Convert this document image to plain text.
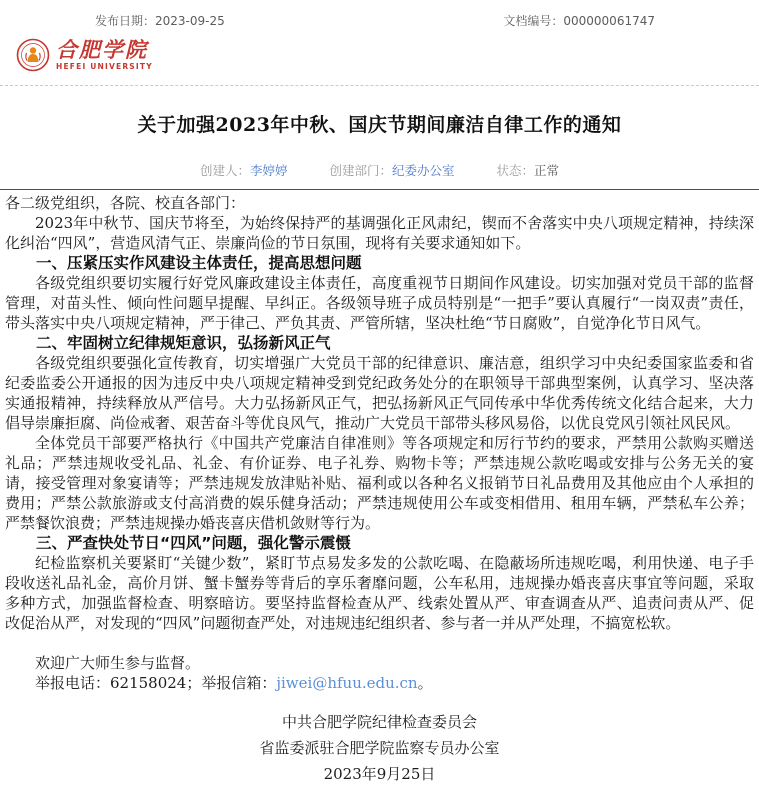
发布日期：2023-09-25	文档编号：000000061747
合肥学院
HEFEI UNIVERSITY
关于加强2023年中秋、国庆节期间廉洁自律工作的通知
创建人：李婷婷	创建部门：纪委办公室	状态：正常

各二级党组织，各院、校直各部门：

2023年中秋节、国庆节将至，为始终保持严的基调强化正风肃纪，锲而不舍落实中央八项规定精神，持续深化纠治“四风”，营造风清气正、崇廉尚俭的节日氛围，现将有关要求通知如下。

一、压紧压实作风建设主体责任，提高思想问题

各级党组织要切实履行好党风廉政建设主体责任，高度重视节日期间作风建设。切实加强对党员干部的监督管理，对苗头性、倾向性问题早提醒、早纠正。各级领导班子成员特别是“一把手”要认真履行“一岗双责”责任，带头落实中央八项规定精神，严于律己、严负其责、严管所辖，坚决杜绝“节日腐败”，自觉净化节日风气。

二、牢固树立纪律规矩意识，弘扬新风正气

各级党组织要强化宣传教育，切实增强广大党员干部的纪律意识、廉洁意，组织学习中央纪委国家监委和省纪委监委公开通报的因为违反中央八项规定精神受到党纪政务处分的在职领导干部典型案例，认真学习、坚决落实通报精神，持续释放从严信号。大力弘扬新风正气，把弘扬新风正气同传承中华优秀传统文化结合起来，大力倡导崇廉拒腐、尚俭戒奢、艰苦奋斗等优良风气，推动广大党员干部带头移风易俗，以优良党风引领社风民风。

全体党员干部要严格执行《中国共产党廉洁自律准则》等各项规定和厉行节约的要求，严禁用公款购买赠送礼品；严禁违规收受礼品、礼金、有价证券、电子礼券、购物卡等；严禁违规公款吃喝或安排与公务无关的宴请，接受管理对象宴请等；严禁违规发放津贴补贴、福利或以各种名义报销节日礼品费用及其他应由个人承担的费用；严禁公款旅游或支付高消费的娱乐健身活动；严禁违规使用公车或变相借用、租用车辆，严禁私车公养；严禁餐饮浪费；严禁违规操办婚丧喜庆借机敛财等行为。

三、严查快处节日“四风”问题，强化警示震慑

纪检监察机关要紧盯“关键少数”，紧盯节点易发多发的公款吃喝、在隐蔽场所违规吃喝，利用快递、电子手段收送礼品礼金，高价月饼、蟹卡蟹券等背后的享乐奢靡问题，公车私用，违规操办婚丧喜庆事宜等问题，采取多种方式，加强监督检查、明察暗访。要坚持监督检查从严、线索处置从严、审查调查从严、追责问责从严、促改促治从严，对发现的“四风”问题彻查严处，对违规违纪组织者、参与者一并从严处理，不搞宽松软。

欢迎广大师生参与监督。

举报电话：62158024；举报信箱：jiwei@hfuu.edu.cn。

中共合肥学院纪律检查委员会
省监委派驻合肥学院监察专员办公室
2023年9月25日
